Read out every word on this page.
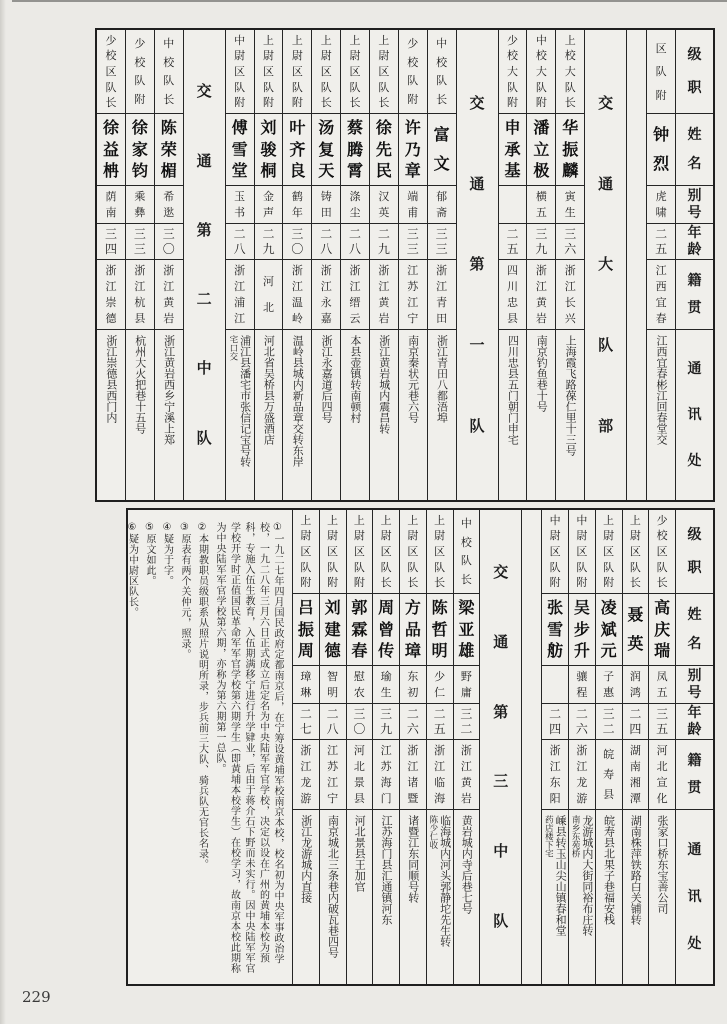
级
职
姓
名
别
号
年
龄
籍
贯
通
讯
处
区
队
附
钟
烈
虎
啸
二
五
江
西
宜
春
江西宜春彬江回春堂交
交
通
大
队
部
上
校
大
队
长
华
振
麟
寅
生
三
六
浙
江
长
兴
上海霞飞路葆仁里十三号
中
校
大
队
附
潘
立
极
横
五
三
九
浙
江
黄
岩
南京钓鱼巷十号
少
校
大
队
附
申
承
基
二
五
四
川
忠
县
四川忠县五门朝门申宅
交
通
第
一
队
中
校
队
长
富
文
郁
斋
三
三
浙
江
青
田
浙江青田八都浯埠
少
校
队
附
许
乃
章
端
甫
三
三
江
苏
江
宁
南京秦状元巷六号
上
尉
区
队
长
徐
先
民
汉
英
二
九
浙
江
黄
岩
浙江黄岩城内震昌转
上
尉
区
队
长
蔡
腾
霄
涤
尘
二
八
浙
江
缙
云
本县壶镇转南顿村
上
尉
区
队
长
汤
复
天
铸
田
二
八
浙
江
永
嘉
浙江永嘉道后四号
上
尉
区
队
附
叶
齐
良
鹤
年
三
〇
浙
江
温
岭
温岭县城内新品章交转东岸
上
尉
区
队
附
刘
骏
桐
金
声
二
九
河
北
河北省吴桥县万盛酒店
中
尉
区
队
附
傅
雪
堂
玉
书
二
八
浙
江
浦
江
浦江县潘宅市张信记宝号转
宅口交
交
通
第
二
中
队
中
校
队
长
陈
荣
楣
希
逖
三
〇
浙
江
黄
岩
浙江黄岩西乡宁溪上郑
少
校
队
附
徐
家
钧
乘
彝
三
三
浙
江
杭
县
杭州大火把巷十五号
少
校
区
队
长
徐
益
柟
荫
南
三
四
浙
江
崇
德
浙江崇德县西门内
级
职
姓
名
别
号
年
龄
籍
贯
通
讯
处
少
校
区
队
长
高
庆
瑞
凤
五
三
五
河
北
宣
化
张家口桥东宝善公司
上
尉
区
队
长
聂
英
润
鸿
二
四
湖
南
湘
潭
湖南株萍铁路白关铺转
上
尉
区
队
附
凌
斌
元
子
惠
三
二
皖
寿
县
皖寿县北果子巷福安栈
中
尉
区
队
附
吴
步
升
骧
程
二
六
浙
江
龙
游
龙游城内大街同裕布庄转
南乡东苑桥
中
尉
区
队
附
张
雪
舫
二
四
浙
江
东
阳
嵊县转玉山尖山镇春和堂
药店楼下宅
交
通
第
三
中
队
中
校
队
长
梁
亚
雄
野
庸
三
二
浙
江
黄
岩
黄岩城内寺后巷七号
上
尉
区
队
长
陈
哲
明
少
仁
二
五
浙
江
临
海
临海城内河头郭静坨先生转
陈少仁收
上
尉
区
队
长
方
品
璋
东
初
二
六
浙
江
诸
暨
诸暨江东同顺号转
上
尉
区
队
长
周
曾
传
瑜
生
三
九
江
苏
海
门
江苏海门县汇通镇河东
上
尉
区
队
附
郭
霖
春
慰
农
三
〇
河
北
景
县
河北景县王加官
上
尉
区
队
附
刘
建
德
智
明
二
八
江
苏
江
宁
南京城北三条巷内破瓦巷四号
上
尉
区
队
附
吕
振
周
璋
琳
二
七
浙
江
龙
游
浙江龙游城内直接
①一九二七年四月国民政府定都南京后，在宁筹设黄埔军校南京本校，校名初为中央军事政治学校，一九二八年三月六日正式成立后定名为中央陆军军官学校，决定以设在广州的黄埔本校为预科，专施入伍生教育，入伍期满移宁进行升学肄业，后由于蒋介石下野而未实行。因中央陆军军官学校开学时正值国民革命军军官学校第六期学生（即黄埔本校学生）在校学习，故南京本校此期称为中央陆军军官学校第六期，亦称为第六期第一总队。
②本期教职员级职系从照片说明所录，步兵前三大队、骑兵队无官长名录。
③原表有两个关仲元，照录。
④疑为于字。
⑤原文如此。
⑥疑为中尉区队长。
229
